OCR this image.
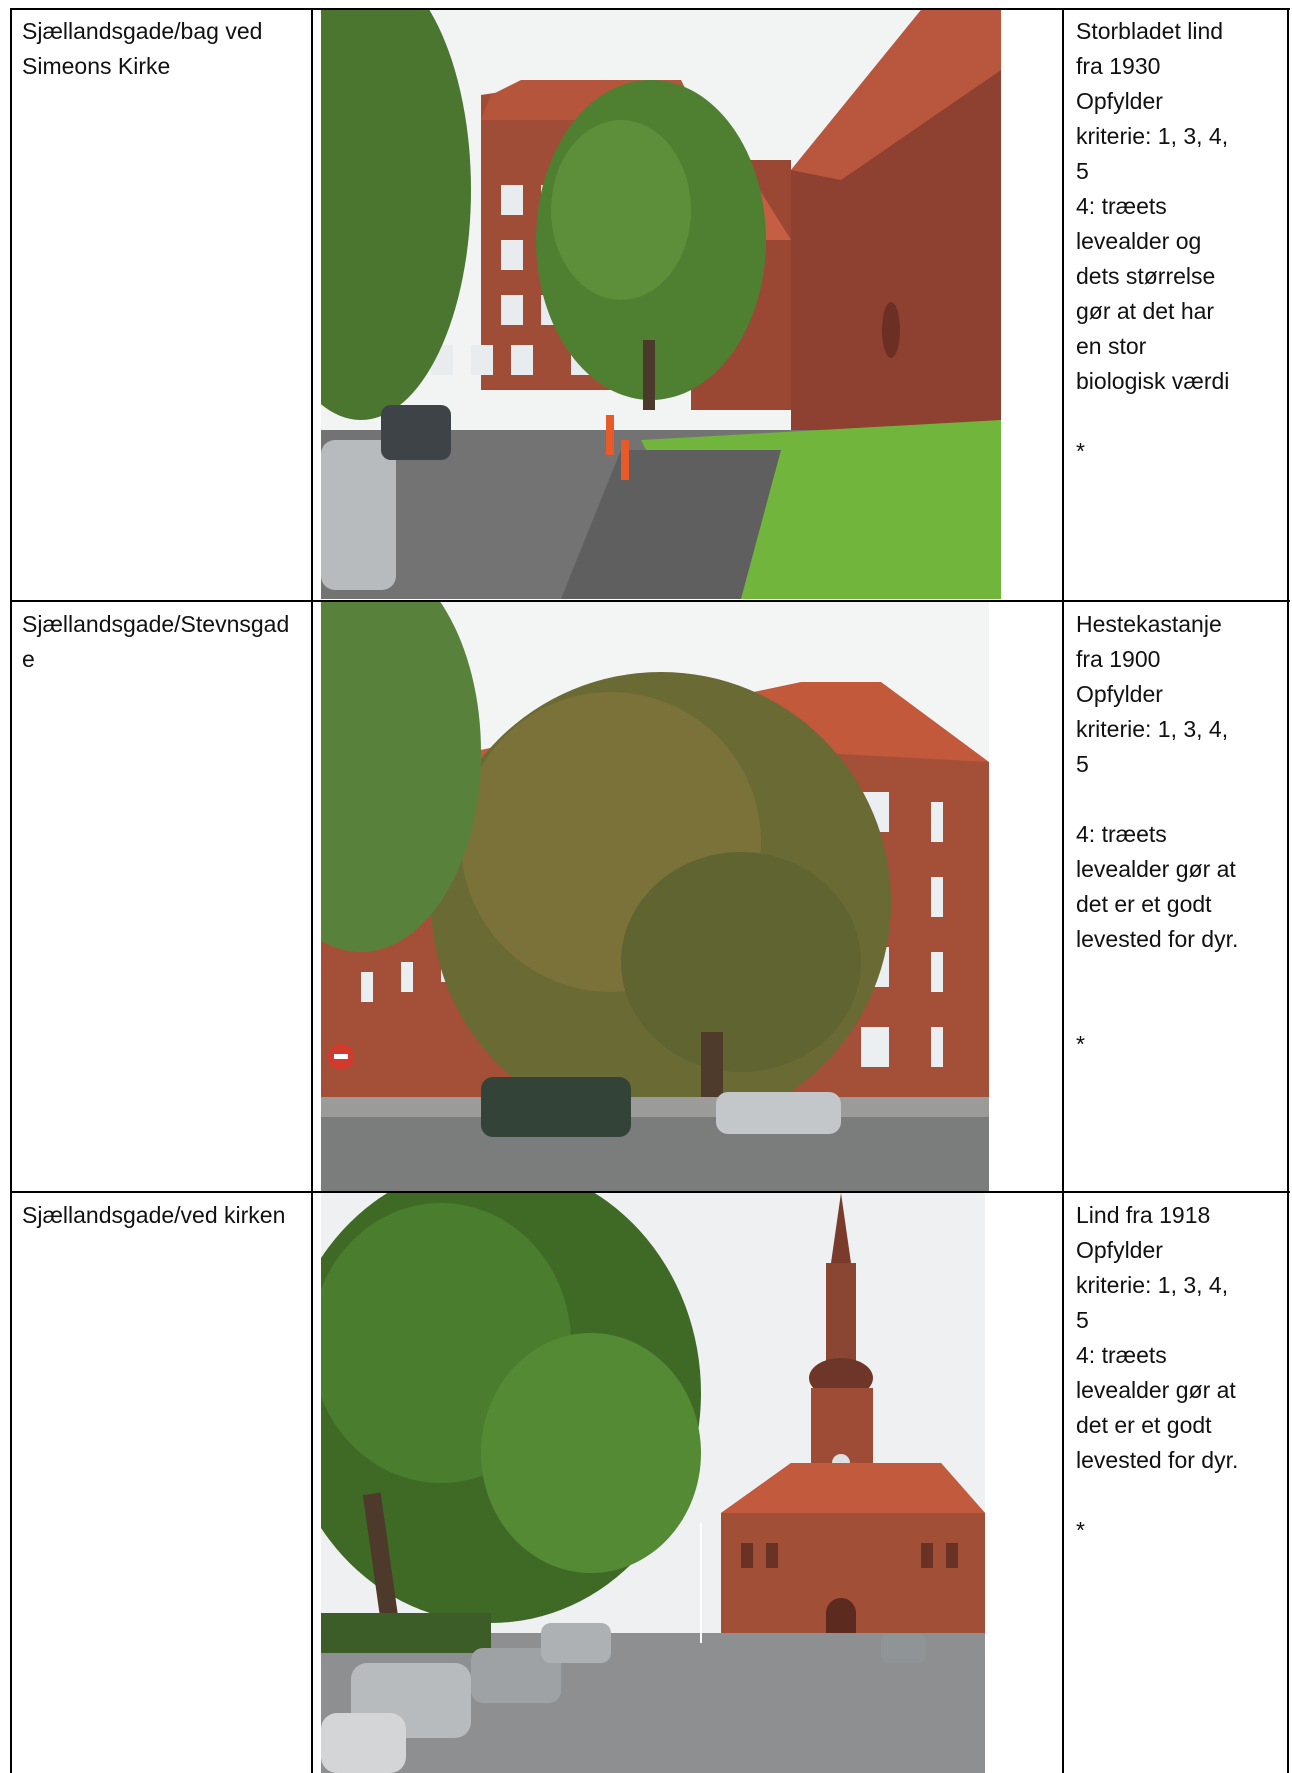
Sjællandsgade/bag ved Simeons Kirke
Storbladet lind
fra 1930
Opfylder
kriterie: 1, 3, 4,
5
4: træets
levealder og
dets størrelse
gør at det har
en stor
biologisk værdi

*
Sjællandsgade/Stevnsgade
Hestekastanje
fra 1900
Opfylder
kriterie: 1, 3, 4,
5

4: træets
levealder gør at
det er et godt
levested for dyr.

*
Sjællandsgade/ved kirken	Lind fra 1918
Opfylder
kriterie: 1, 3, 4,
5
4: træets
levealder gør at
det er et godt
levested for dyr.

*
